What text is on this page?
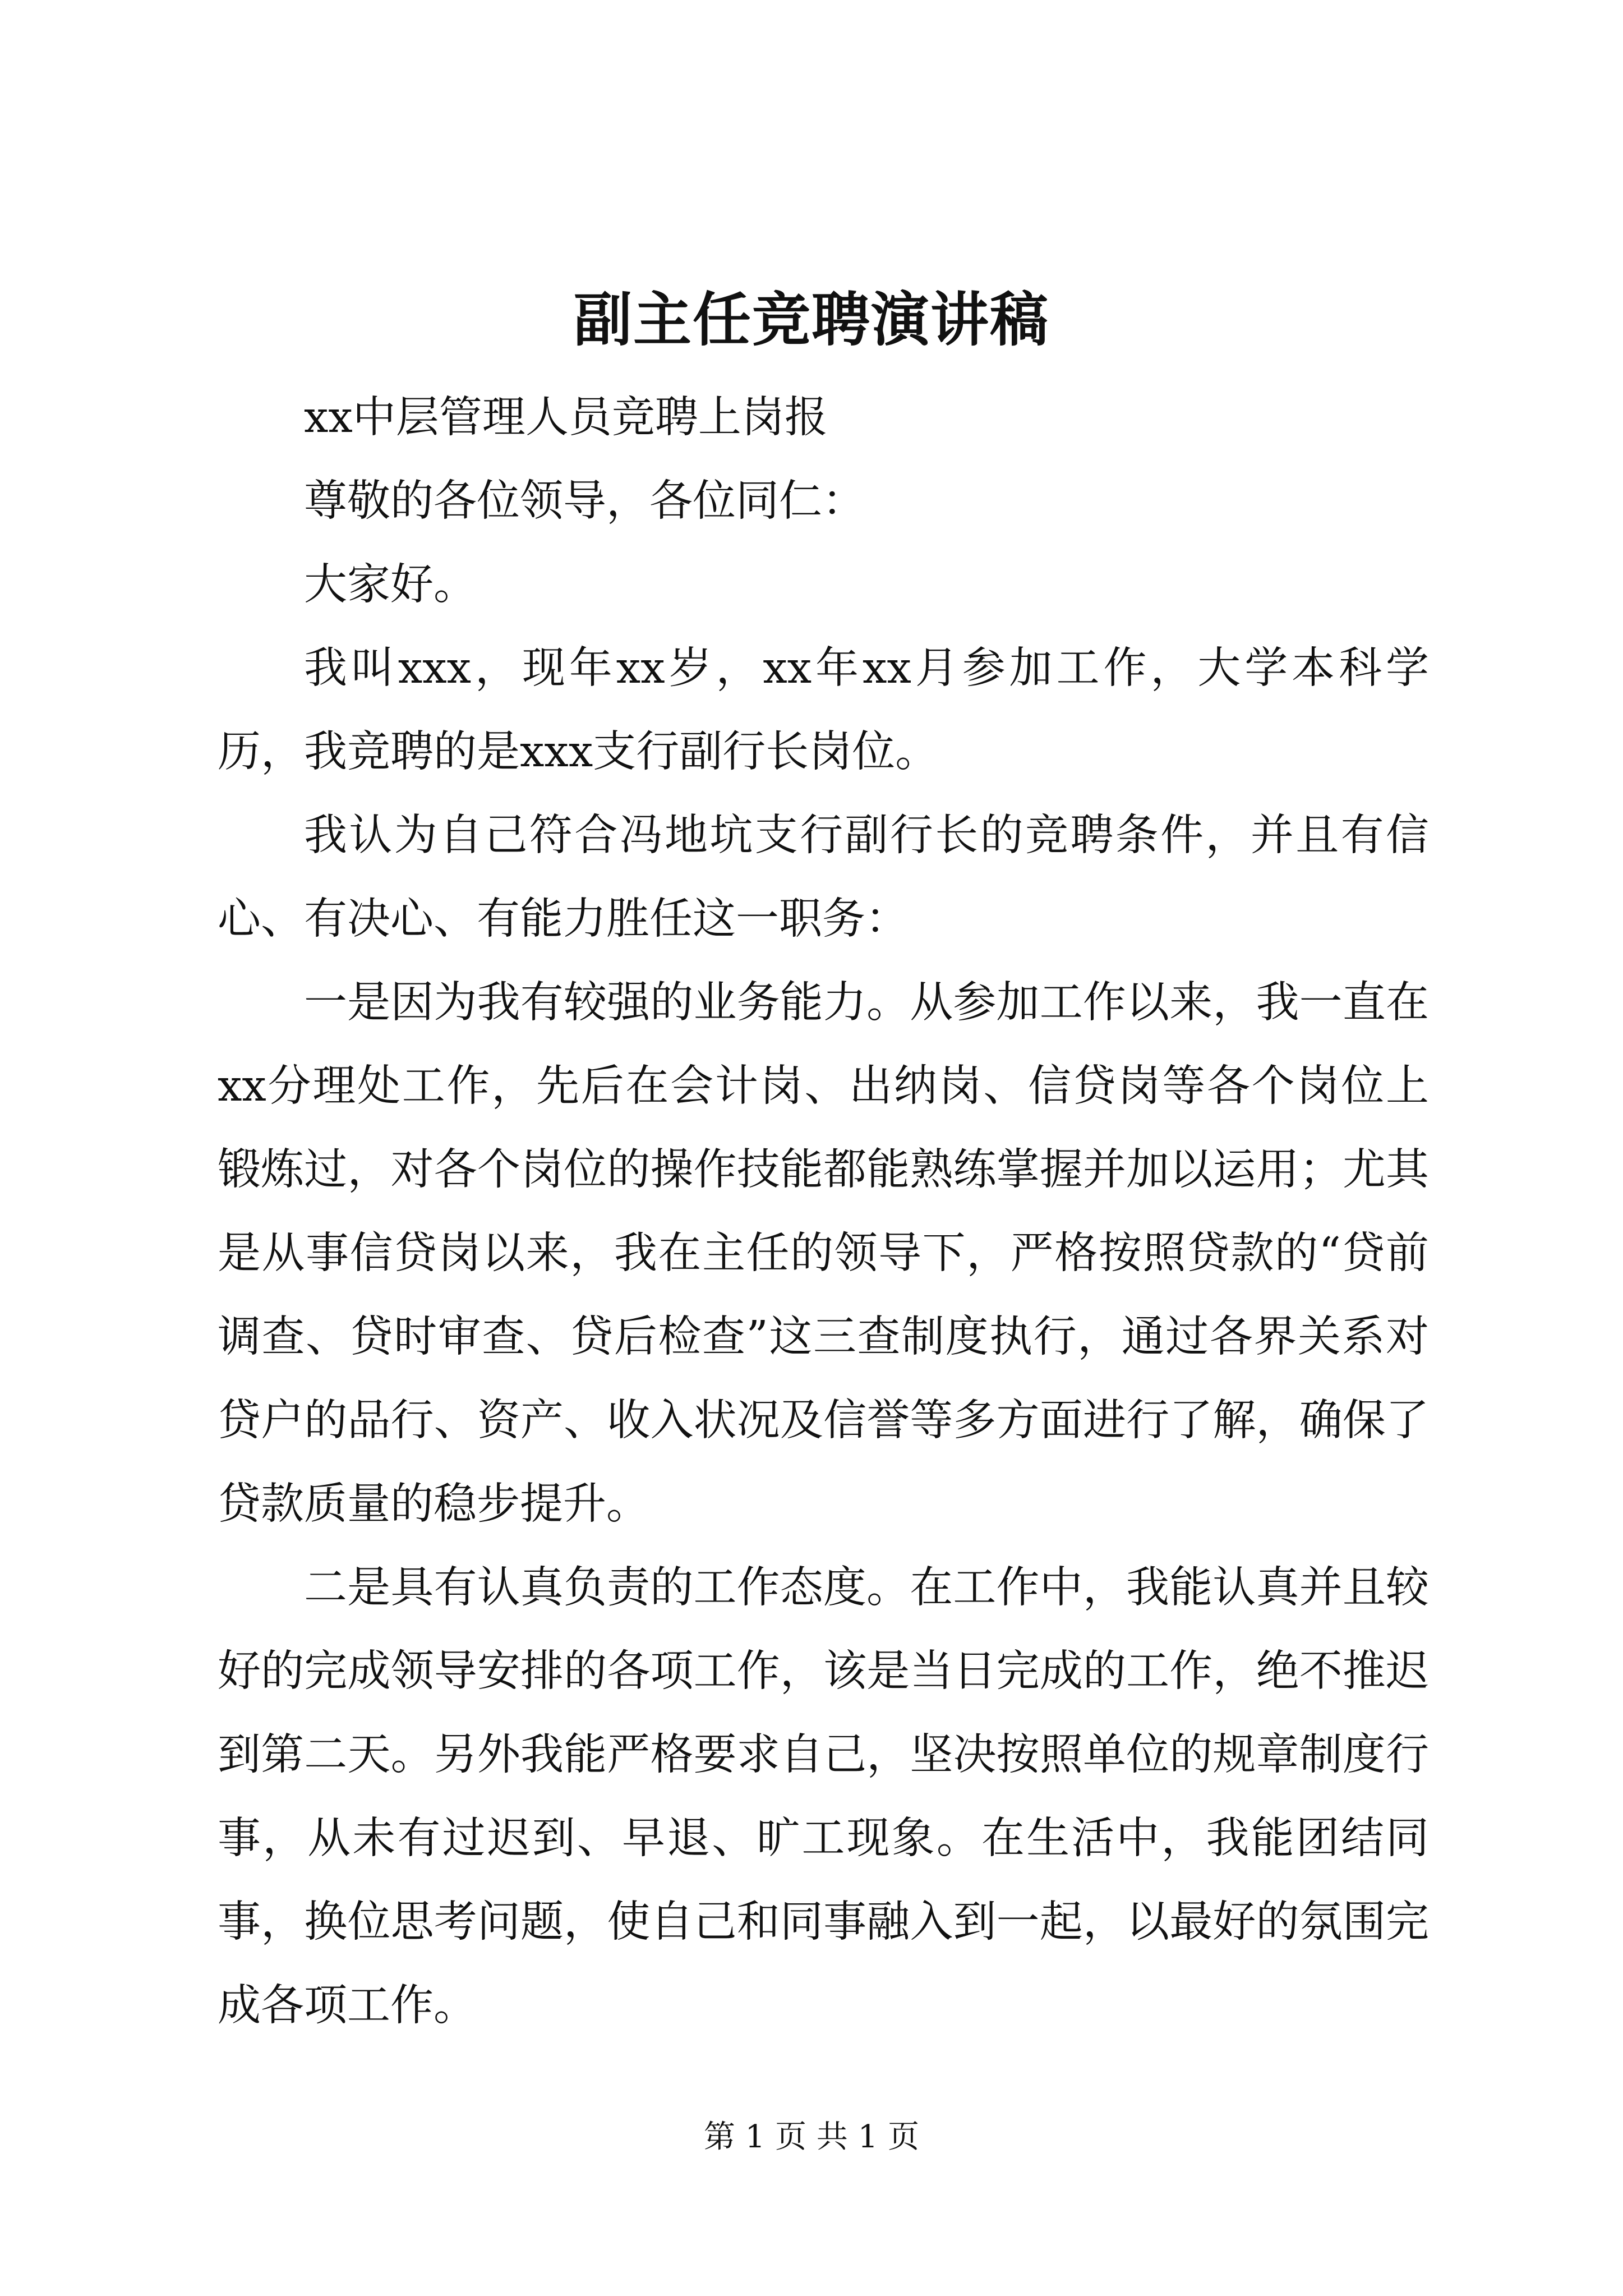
副主任竞聘演讲稿

xx中层管理人员竞聘上岗报

尊敬的各位领导，各位同仁：

大家好。

我叫xxx，现年xx岁，xx年xx月参加工作，大学本科学历，我竞聘的是xxx支行副行长岗位。

我认为自己符合冯地坑支行副行长的竞聘条件，并且有信心、有决心、有能力胜任这一职务：

一是因为我有较强的业务能力。从参加工作以来，我一直在xx分理处工作，先后在会计岗、出纳岗、信贷岗等各个岗位上锻炼过，对各个岗位的操作技能都能熟练掌握并加以运用；尤其是从事信贷岗以来，我在主任的领导下，严格按照贷款的“贷前调查、贷时审查、贷后检查”这三查制度执行，通过各界关系对贷户的品行、资产、收入状况及信誉等多方面进行了解，确保了贷款质量的稳步提升。

二是具有认真负责的工作态度。在工作中，我能认真并且较好的完成领导安排的各项工作，该是当日完成的工作，绝不推迟到第二天。另外我能严格要求自己，坚决按照单位的规章制度行事，从未有过迟到、早退、旷工现象。在生活中，我能团结同事，换位思考问题，使自己和同事融入到一起，以最好的氛围完成各项工作。

第 1 页 共 1 页
